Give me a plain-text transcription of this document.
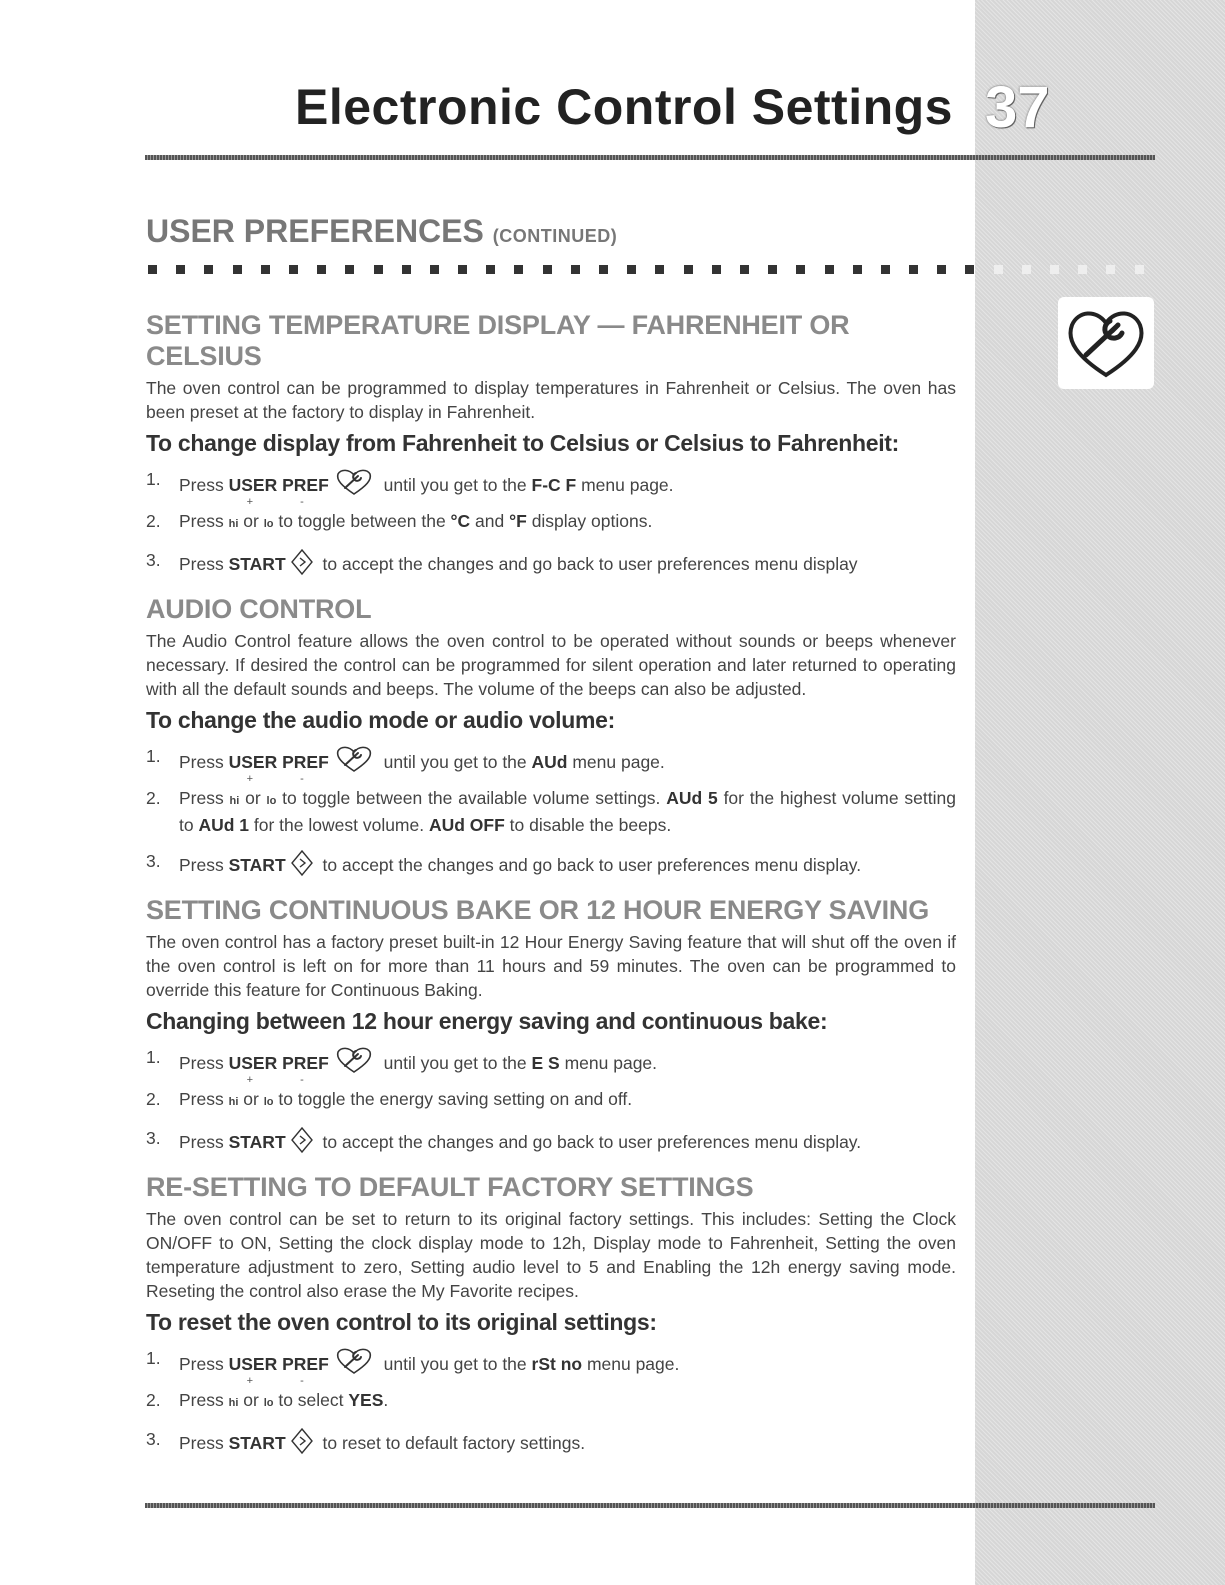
Electronic Control Settings 37
USER PREFERENCES (CONTINUED)
SETTING TEMPERATURE DISPLAY — FAHRENHEIT OR CELSIUS

The oven control can be programmed to display temperatures in Fahrenheit or Celsius. The oven has been preset at the factory to display in Fahrenheit.

To change display from Fahrenheit to Celsius or Celsius to Fahrenheit:
1.	Press USER PREF
+ -
until you get to the F-C F menu page.
2.	Press hi or lo to toggle between the °C and °F display options.
3.	Press START to accept the changes and go back to user preferences menu display
AUDIO CONTROL

The Audio Control feature allows the oven control to be operated without sounds or beeps whenever necessary. If desired the control can be programmed for silent operation and later returned to operating with all the default sounds and beeps. The volume of the beeps can also be adjusted.

To change the audio mode or audio volume:
1.	Press USER PREF
+ -
until you get to the AUd menu page.
2.	Press hi or lo to toggle between the available volume settings. AUd 5 for the highest volume setting to AUd 1 for the lowest volume. AUd OFF to disable the beeps.
3.	Press START to accept the changes and go back to user preferences menu display.
SETTING CONTINUOUS BAKE OR 12 HOUR ENERGY SAVING

The oven control has a factory preset built-in 12 Hour Energy Saving feature that will shut off the oven if the oven control is left on for more than 11 hours and 59 minutes. The oven can be programmed to override this feature for Continuous Baking.

Changing between 12 hour energy saving and continuous bake:
1.	Press USER PREF
+ -
until you get to the E S menu page.
2.	Press hi or lo to toggle the energy saving setting on and off.
3.	Press START to accept the changes and go back to user preferences menu display.
RE-SETTING TO DEFAULT FACTORY SETTINGS

The oven control can be set to return to its original factory settings. This includes: Setting the Clock ON/OFF to ON, Setting the clock display mode to 12h, Display mode to Fahrenheit, Setting the oven temperature adjustment to zero, Setting audio level to 5 and Enabling the 12h energy saving mode. Reseting the control also erase the My Favorite recipes.

To reset the oven control to its original settings:
1.	Press USER PREF
+ -
until you get to the rSt no menu page.
2.	Press hi or lo to select YES.
3.	Press START to reset to default factory settings.
